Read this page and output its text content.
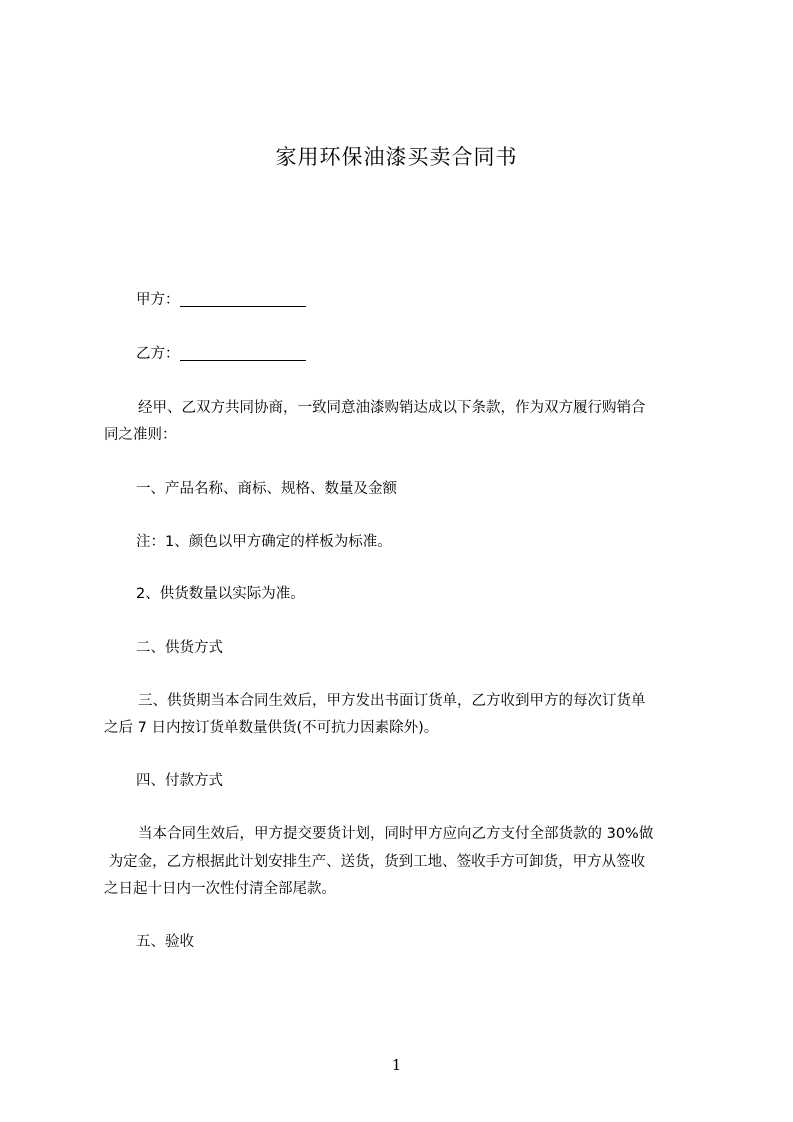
家用环保油漆买卖合同书
甲方：
乙方：
经甲、乙双方共同协商，一致同意油漆购销达成以下条款，作为双方履行购销合
同之准则：
一、产品名称、商标、规格、数量及金额
注：1、颜色以甲方确定的样板为标准。
2、供货数量以实际为准。
二、供货方式
三、供货期当本合同生效后，甲方发出书面订货单，乙方收到甲方的每次订货单
之后 7 日内按订货单数量供货(不可抗力因素除外)。
四、付款方式
当本合同生效后，甲方提交要货计划，同时甲方应向乙方支付全部货款的 30%做
为定金，乙方根据此计划安排生产、送货，货到工地、签收手方可卸货，甲方从签收
之日起十日内一次性付清全部尾款。
五、验收
1
